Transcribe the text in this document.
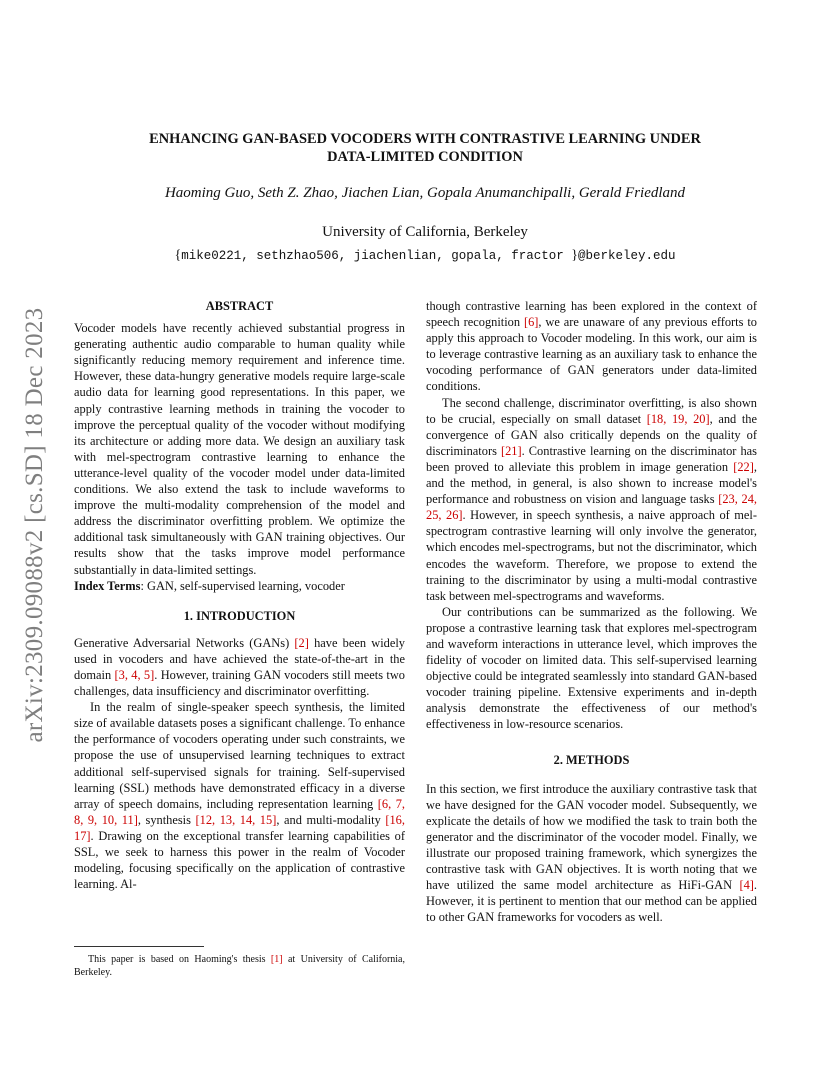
arXiv:2309.09088v2 [cs.SD] 18 Dec 2023
ENHANCING GAN-BASED VOCODERS WITH CONTRASTIVE LEARNING UNDER
DATA-LIMITED CONDITION
Haoming Guo, Seth Z. Zhao, Jiachen Lian, Gopala Anumanchipalli, Gerald Friedland
University of California, Berkeley
{mike0221, sethzhao506, jiachenlian, gopala, fractor }@berkeley.edu
ABSTRACT

Vocoder models have recently achieved substantial progress in generating authentic audio comparable to human quality while significantly reducing memory requirement and inference time. However, these data-hungry generative models require large-scale audio data for learning good representations. In this paper, we apply contrastive learning methods in training the vocoder to improve the perceptual quality of the vocoder without modifying its architecture or adding more data. We design an auxiliary task with mel-spectrogram contrastive learning to enhance the utterance-level quality of the vocoder model under data-limited conditions. We also extend the task to include waveforms to improve the multi-modality comprehension of the model and address the discriminator overfitting problem. We optimize the additional task simultaneously with GAN training objectives. Our results show that the tasks improve model performance substantially in data-limited settings.

Index Terms: GAN, self-supervised learning, vocoder

1. INTRODUCTION

Generative Adversarial Networks (GANs) [2] have been widely used in vocoders and have achieved the state-of-the-art in the domain [3, 4, 5]. However, training GAN vocoders still meets two challenges, data insufficiency and discriminator overfitting.

In the realm of single-speaker speech synthesis, the limited size of available datasets poses a significant challenge. To enhance the performance of vocoders operating under such constraints, we propose the use of unsupervised learning techniques to extract additional self-supervised signals for training. Self-supervised learning (SSL) methods have demonstrated efficacy in a diverse array of speech domains, including representation learning [6, 7, 8, 9, 10, 11], synthesis [12, 13, 14, 15], and multi-modality [16, 17]. Drawing on the exceptional transfer learning capabilities of SSL, we seek to harness this power in the realm of Vocoder modeling, focusing specifically on the application of contrastive learning. Al-

though contrastive learning has been explored in the context of speech recognition [6], we are unaware of any previous efforts to apply this approach to Vocoder modeling. In this work, our aim is to leverage contrastive learning as an auxiliary task to enhance the vocoding performance of GAN generators under data-limited conditions.

The second challenge, discriminator overfitting, is also shown to be crucial, especially on small dataset [18, 19, 20], and the convergence of GAN also critically depends on the quality of discriminators [21]. Contrastive learning on the discriminator has been proved to alleviate this problem in image generation [22], and the method, in general, is also shown to increase model's performance and robustness on vision and language tasks [23, 24, 25, 26]. However, in speech synthesis, a naive approach of mel-spectrogram contrastive learning will only involve the generator, which encodes mel-spectrograms, but not the discriminator, which encodes the waveform. Therefore, we propose to extend the training to the discriminator by using a multi-modal contrastive task between mel-spectrograms and waveforms.

Our contributions can be summarized as the following. We propose a contrastive learning task that explores mel-spectrogram and waveform interactions in utterance level, which improves the fidelity of vocoder on limited data. This self-supervised learning objective could be integrated seamlessly into standard GAN-based vocoder training pipeline. Extensive experiments and in-depth analysis demonstrate the effectiveness of our method's effectiveness in low-resource scenarios.

2. METHODS

In this section, we first introduce the auxiliary contrastive task that we have designed for the GAN vocoder model. Subsequently, we explicate the details of how we modified the task to train both the generator and the discriminator of the vocoder model. Finally, we illustrate our proposed training framework, which synergizes the contrastive task with GAN objectives. It is worth noting that we have utilized the same model architecture as HiFi-GAN [4]. However, it is pertinent to mention that our method can be applied to other GAN frameworks for vocoders as well.

This paper is based on Haoming's thesis [1] at University of California, Berkeley.
